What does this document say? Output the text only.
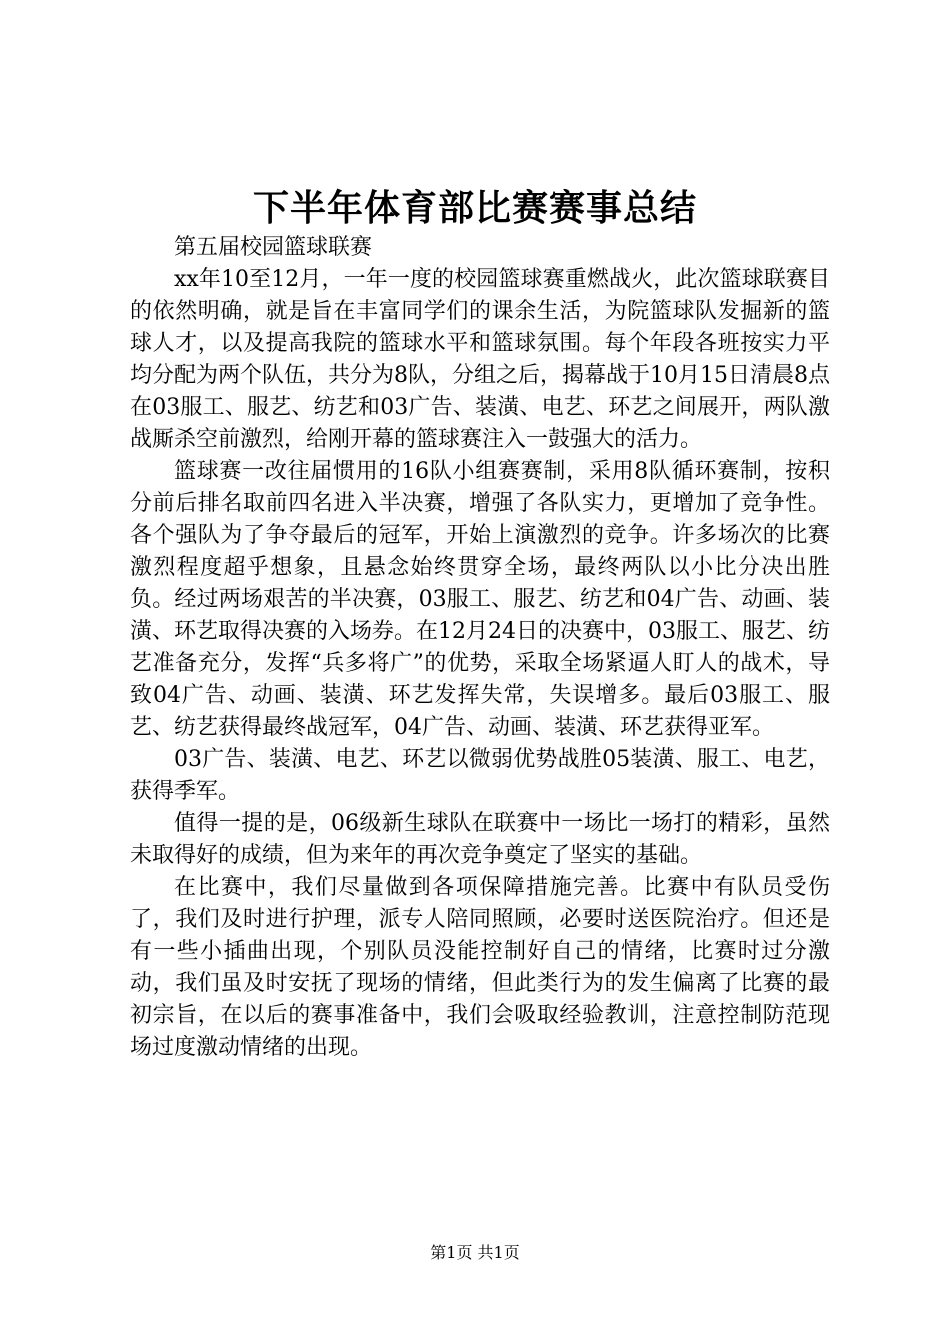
下半年体育部比赛赛事总结

第五届校园篮球联赛

xx年10至12月，一年一度的校园篮球赛重燃战火，此次篮球联赛目的依然明确，就是旨在丰富同学们的课余生活，为院篮球队发掘新的篮球人才，以及提高我院的篮球水平和篮球氛围。每个年段各班按实力平均分配为两个队伍，共分为8队，分组之后，揭幕战于10月15日清晨8点在03服工、服艺、纺艺和03广告、装潢、电艺、环艺之间展开，两队激战厮杀空前激烈，给刚开幕的篮球赛注入一鼓强大的活力。

篮球赛一改往届惯用的16队小组赛赛制，采用8队循环赛制，按积分前后排名取前四名进入半决赛，增强了各队实力，更增加了竞争性。各个强队为了争夺最后的冠军，开始上演激烈的竞争。许多场次的比赛激烈程度超乎想象，且悬念始终贯穿全场，最终两队以小比分决出胜负。经过两场艰苦的半决赛，03服工、服艺、纺艺和04广告、动画、装潢、环艺取得决赛的入场券。在12月24日的决赛中，03服工、服艺、纺艺准备充分，发挥“兵多将广”的优势，采取全场紧逼人盯人的战术，导致04广告、动画、装潢、环艺发挥失常，失误增多。最后03服工、服艺、纺艺获得最终战冠军，04广告、动画、装潢、环艺获得亚军。

03广告、装潢、电艺、环艺以微弱优势战胜05装潢、服工、电艺，获得季军。

值得一提的是，06级新生球队在联赛中一场比一场打的精彩，虽然未取得好的成绩，但为来年的再次竞争奠定了坚实的基础。

在比赛中，我们尽量做到各项保障措施完善。比赛中有队员受伤了，我们及时进行护理，派专人陪同照顾，必要时送医院治疗。但还是有一些小插曲出现，个别队员没能控制好自己的情绪，比赛时过分激动，我们虽及时安抚了现场的情绪，但此类行为的发生偏离了比赛的最初宗旨，在以后的赛事准备中，我们会吸取经验教训，注意控制防范现场过度激动情绪的出现。

第1页 共1页
